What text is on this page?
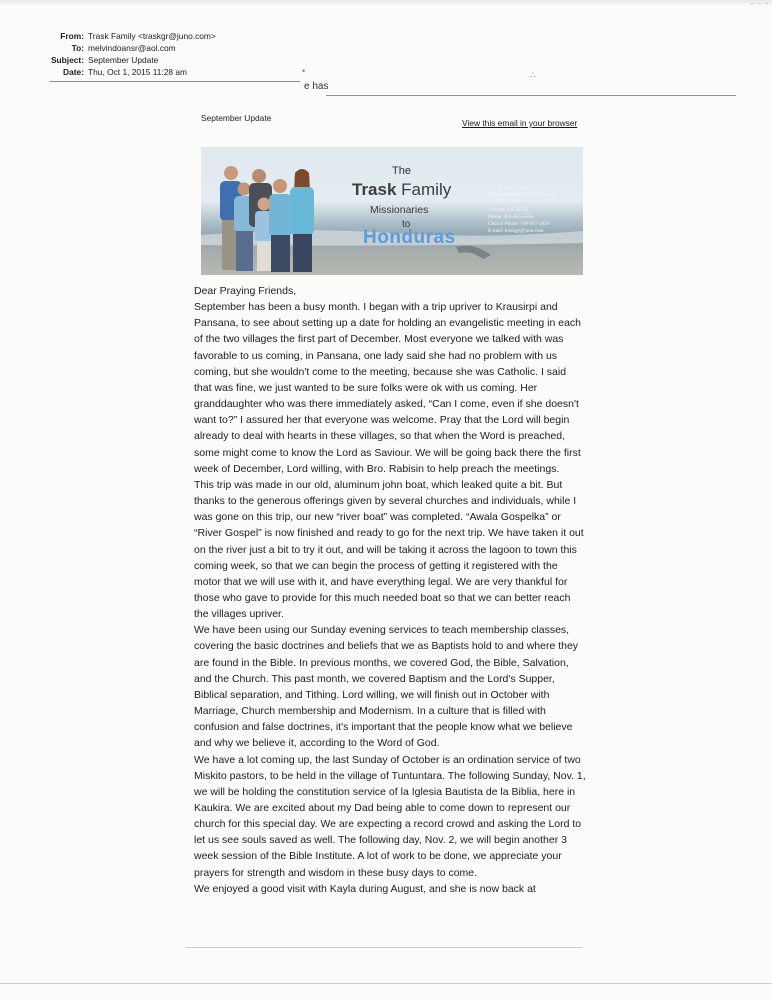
— — —
From: Trask Family <traskgr@juno.com>
To: melvindoansr@aol.com
Subject: September Update
Date: Thu, Oct 1, 2015 11:28 am
e has
•	∴
September Update	View this email in your browser
The
Trask Family
Missionaries
to
Honduras
Tim & Judy Trask
Iglesia Bautista Biblica Church
P.O. Box 1444
Trenton, GA 30752
Phone: 423-425-5558
Church Phone: 706-657-2856
E-mail: traskgr@juno.com

Dear Praying Friends,

September has been a busy month. I began with a trip upriver to Krausirpi and Pansana, to see about setting up a date for holding an evangelistic meeting in each of the two villages the first part of December. Most everyone we talked with was favorable to us coming, in Pansana, one lady said she had no problem with us coming, but she wouldn't come to the meeting, because she was Catholic. I said that was fine, we just wanted to be sure folks were ok with us coming. Her granddaughter who was there immediately asked, “Can I come, even if she doesn't want to?” I assured her that everyone was welcome. Pray that the Lord will begin already to deal with hearts in these villages, so that when the Word is preached, some might come to know the Lord as Saviour. We will be going back there the first week of December, Lord willing, with Bro. Rabisin to help preach the meetings.

This trip was made in our old, aluminum john boat, which leaked quite a bit. But thanks to the generous offerings given by several churches and individuals, while I was gone on this trip, our new “river boat” was completed. “Awala Gospelka” or “River Gospel” is now finished and ready to go for the next trip. We have taken it out on the river just a bit to try it out, and will be taking it across the lagoon to town this coming week, so that we can begin the process of getting it registered with the motor that we will use with it, and have everything legal. We are very thankful for those who gave to provide for this much needed boat so that we can better reach the villages upriver.

We have been using our Sunday evening services to teach membership classes, covering the basic doctrines and beliefs that we as Baptists hold to and where they are found in the Bible. In previous months, we covered God, the Bible, Salvation, and the Church. This past month, we covered Baptism and the Lord's Supper, Biblical separation, and Tithing. Lord willing, we will finish out in October with Marriage, Church membership and Modernism. In a culture that is filled with confusion and false doctrines, it's important that the people know what we believe and why we believe it, according to the Word of God.

We have a lot coming up, the last Sunday of October is an ordination service of two Miskito pastors, to be held in the village of Tuntuntara. The following Sunday, Nov. 1, we will be holding the constitution service of la Iglesia Bautista de la Biblia, here in Kaukira. We are excited about my Dad being able to come down to represent our church for this special day. We are expecting a record crowd and asking the Lord to let us see souls saved as well. The following day, Nov. 2, we will begin another 3 week session of the Bible Institute. A lot of work to be done, we appreciate your prayers for strength and wisdom in these busy days to come.

We enjoyed a good visit with Kayla during August, and she is now back at
